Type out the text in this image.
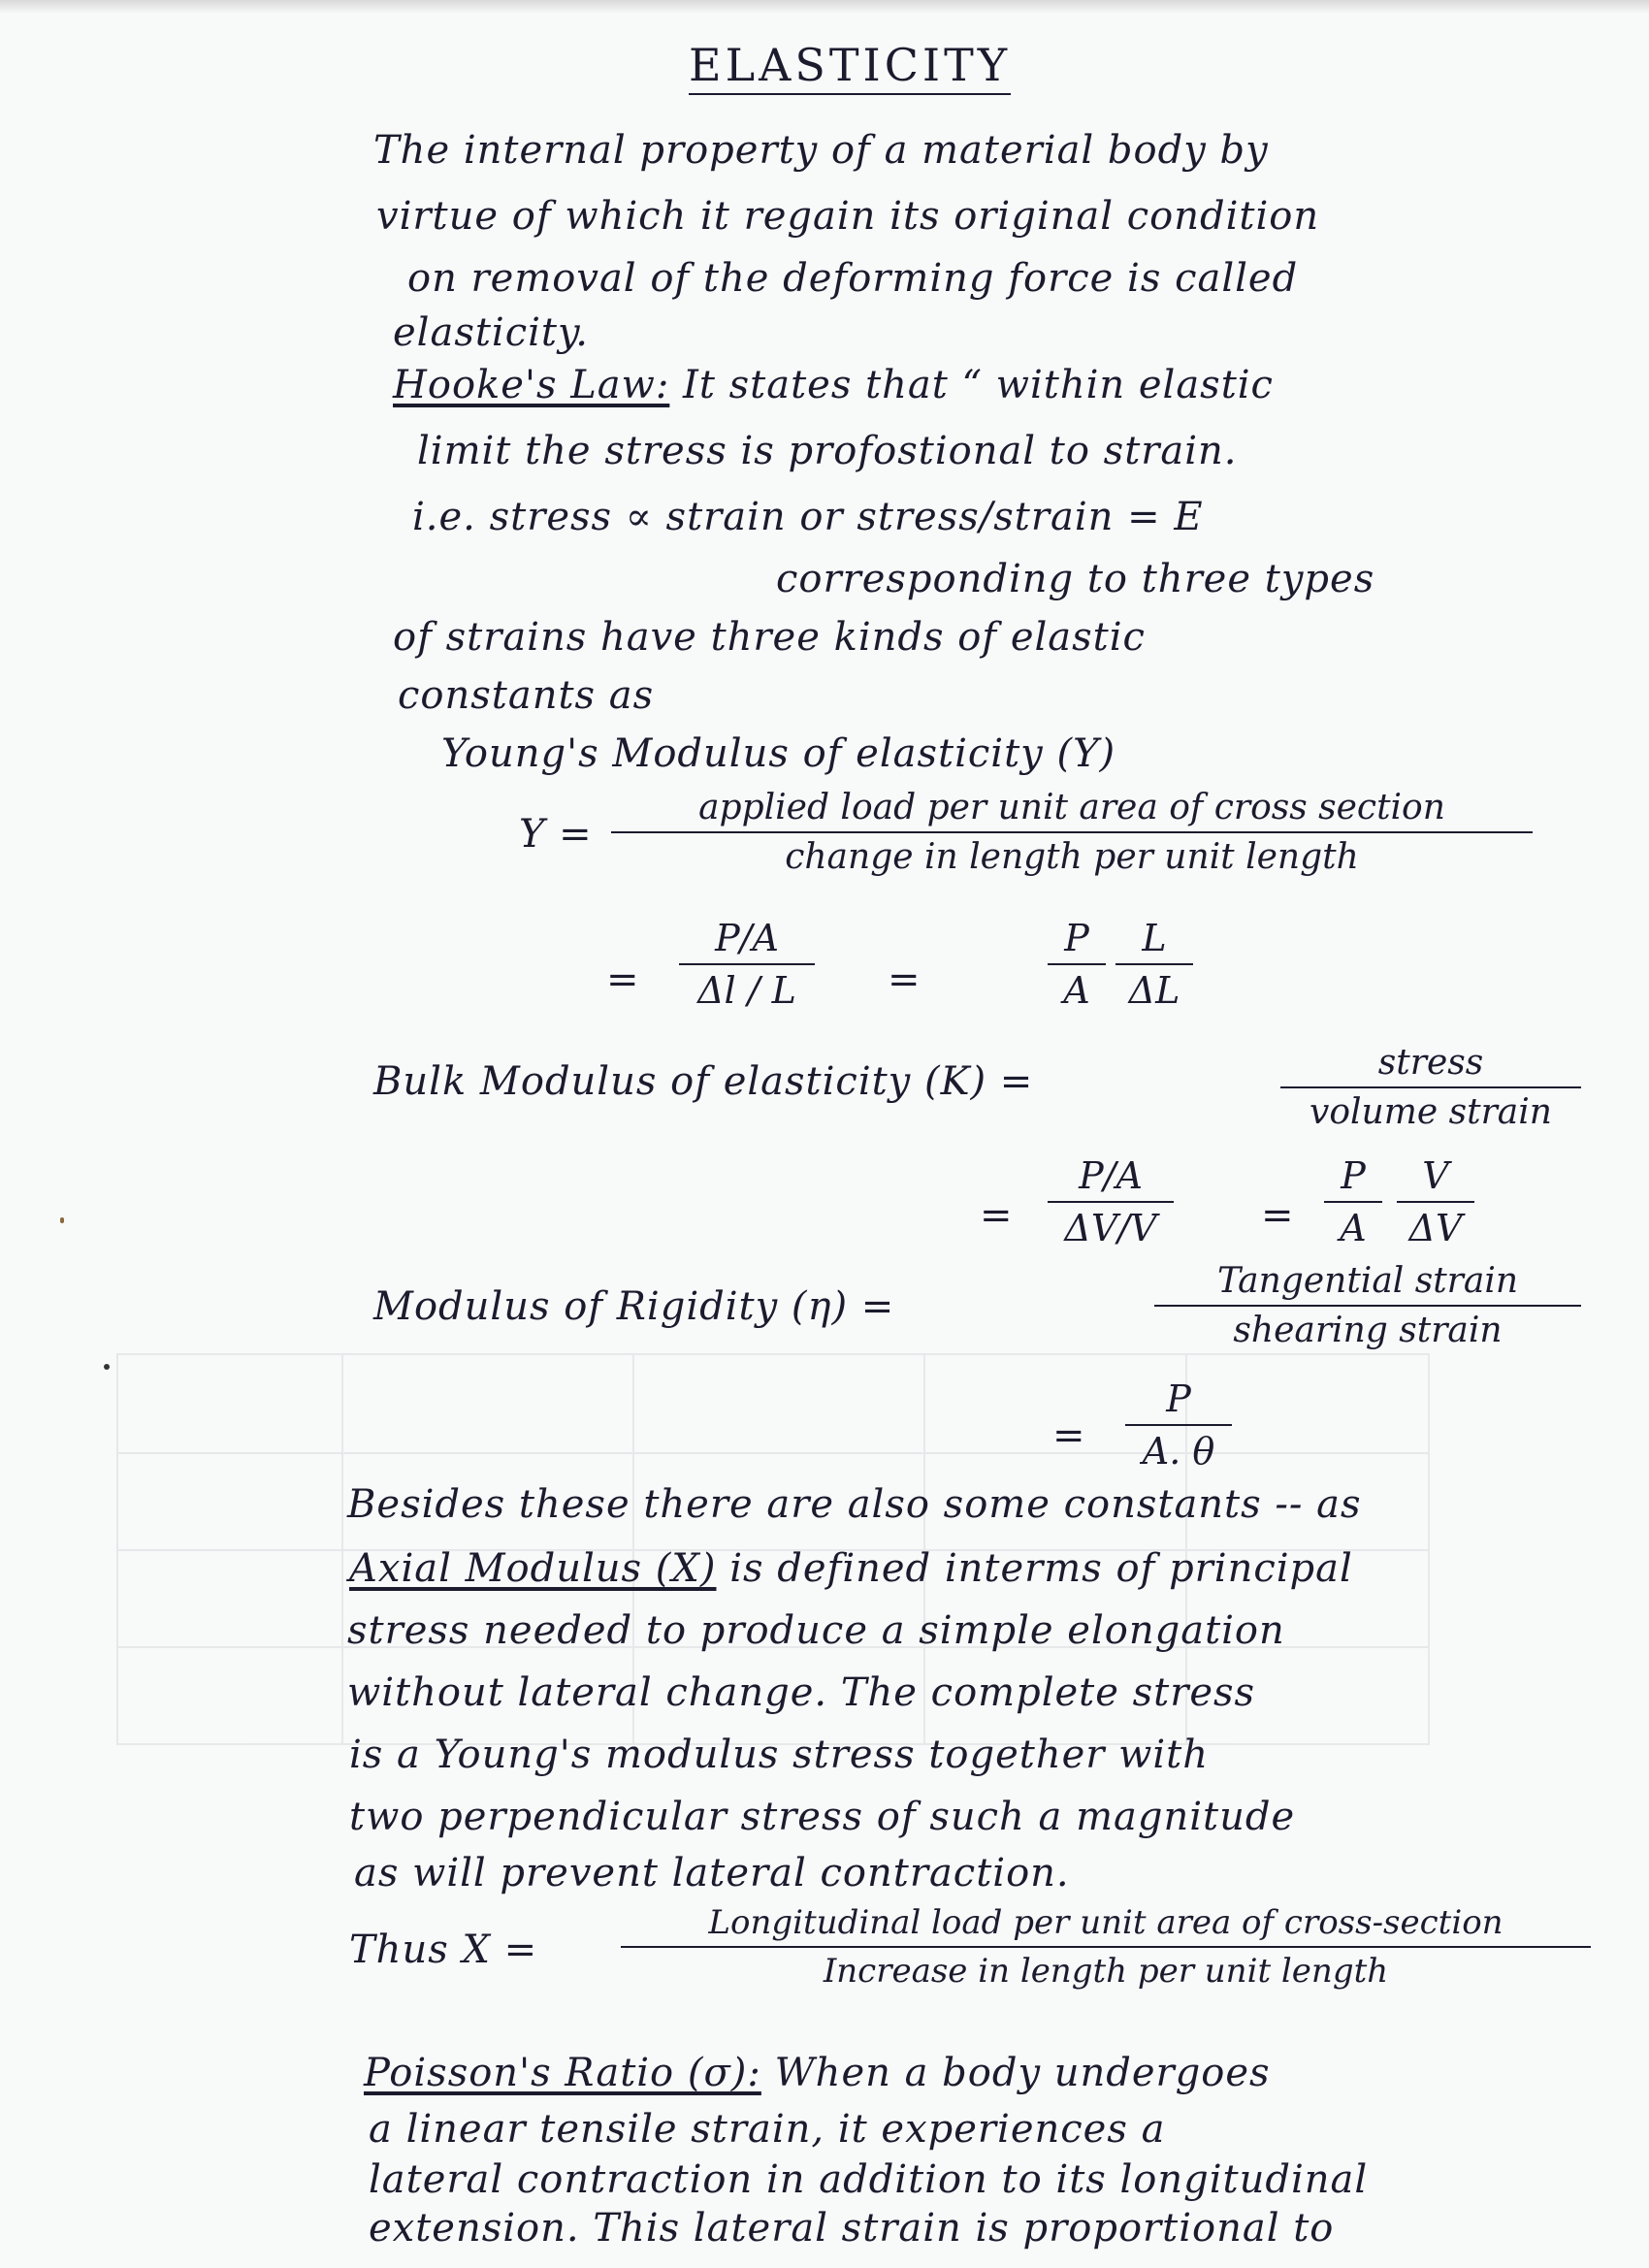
ELASTICITY
The internal property of a material body by
virtue of which it regain its original condition
on removal of the deforming force is called
elasticity.
Hooke's Law: It states that “ within elastic
limit the stress is profostional to strain.
i.e. stress ∝ strain or stress/strain = E
corresponding to three types
of strains have three kinds of elastic
constants as
Young's Modulus of elasticity (Y)
Y =
applied load per unit area of cross section
change in length per unit length
= $\frac{P/A}{\Delta l / L}$ =	$\frac{P}{A} \frac{L}{\Delta L}$
Bulk Modulus of elasticity (K) =	stress
volume strain
= $\frac{P/A}{\Delta V/V} = \frac{P}{A} \frac{V}{\Delta V}$
Modulus of Rigidity (η) =
Tangential strain
shearing strain
= $\frac{P}{A. \theta}$
Besides these there are also some constants -- as
Axial Modulus (X) is defined interms of principal
stress needed to produce a simple elongation
without lateral change. The complete stress
is a Young's modulus stress together with
two perpendicular stress of such a magnitude
as will prevent lateral contraction.
Thus X =
Longitudinal load per unit area of cross-section
Increase in length per unit length
Poisson's Ratio (σ): When a body undergoes
a linear tensile strain, it experiences a
lateral contraction in addition to its longitudinal
extension. This lateral strain is proportional to
